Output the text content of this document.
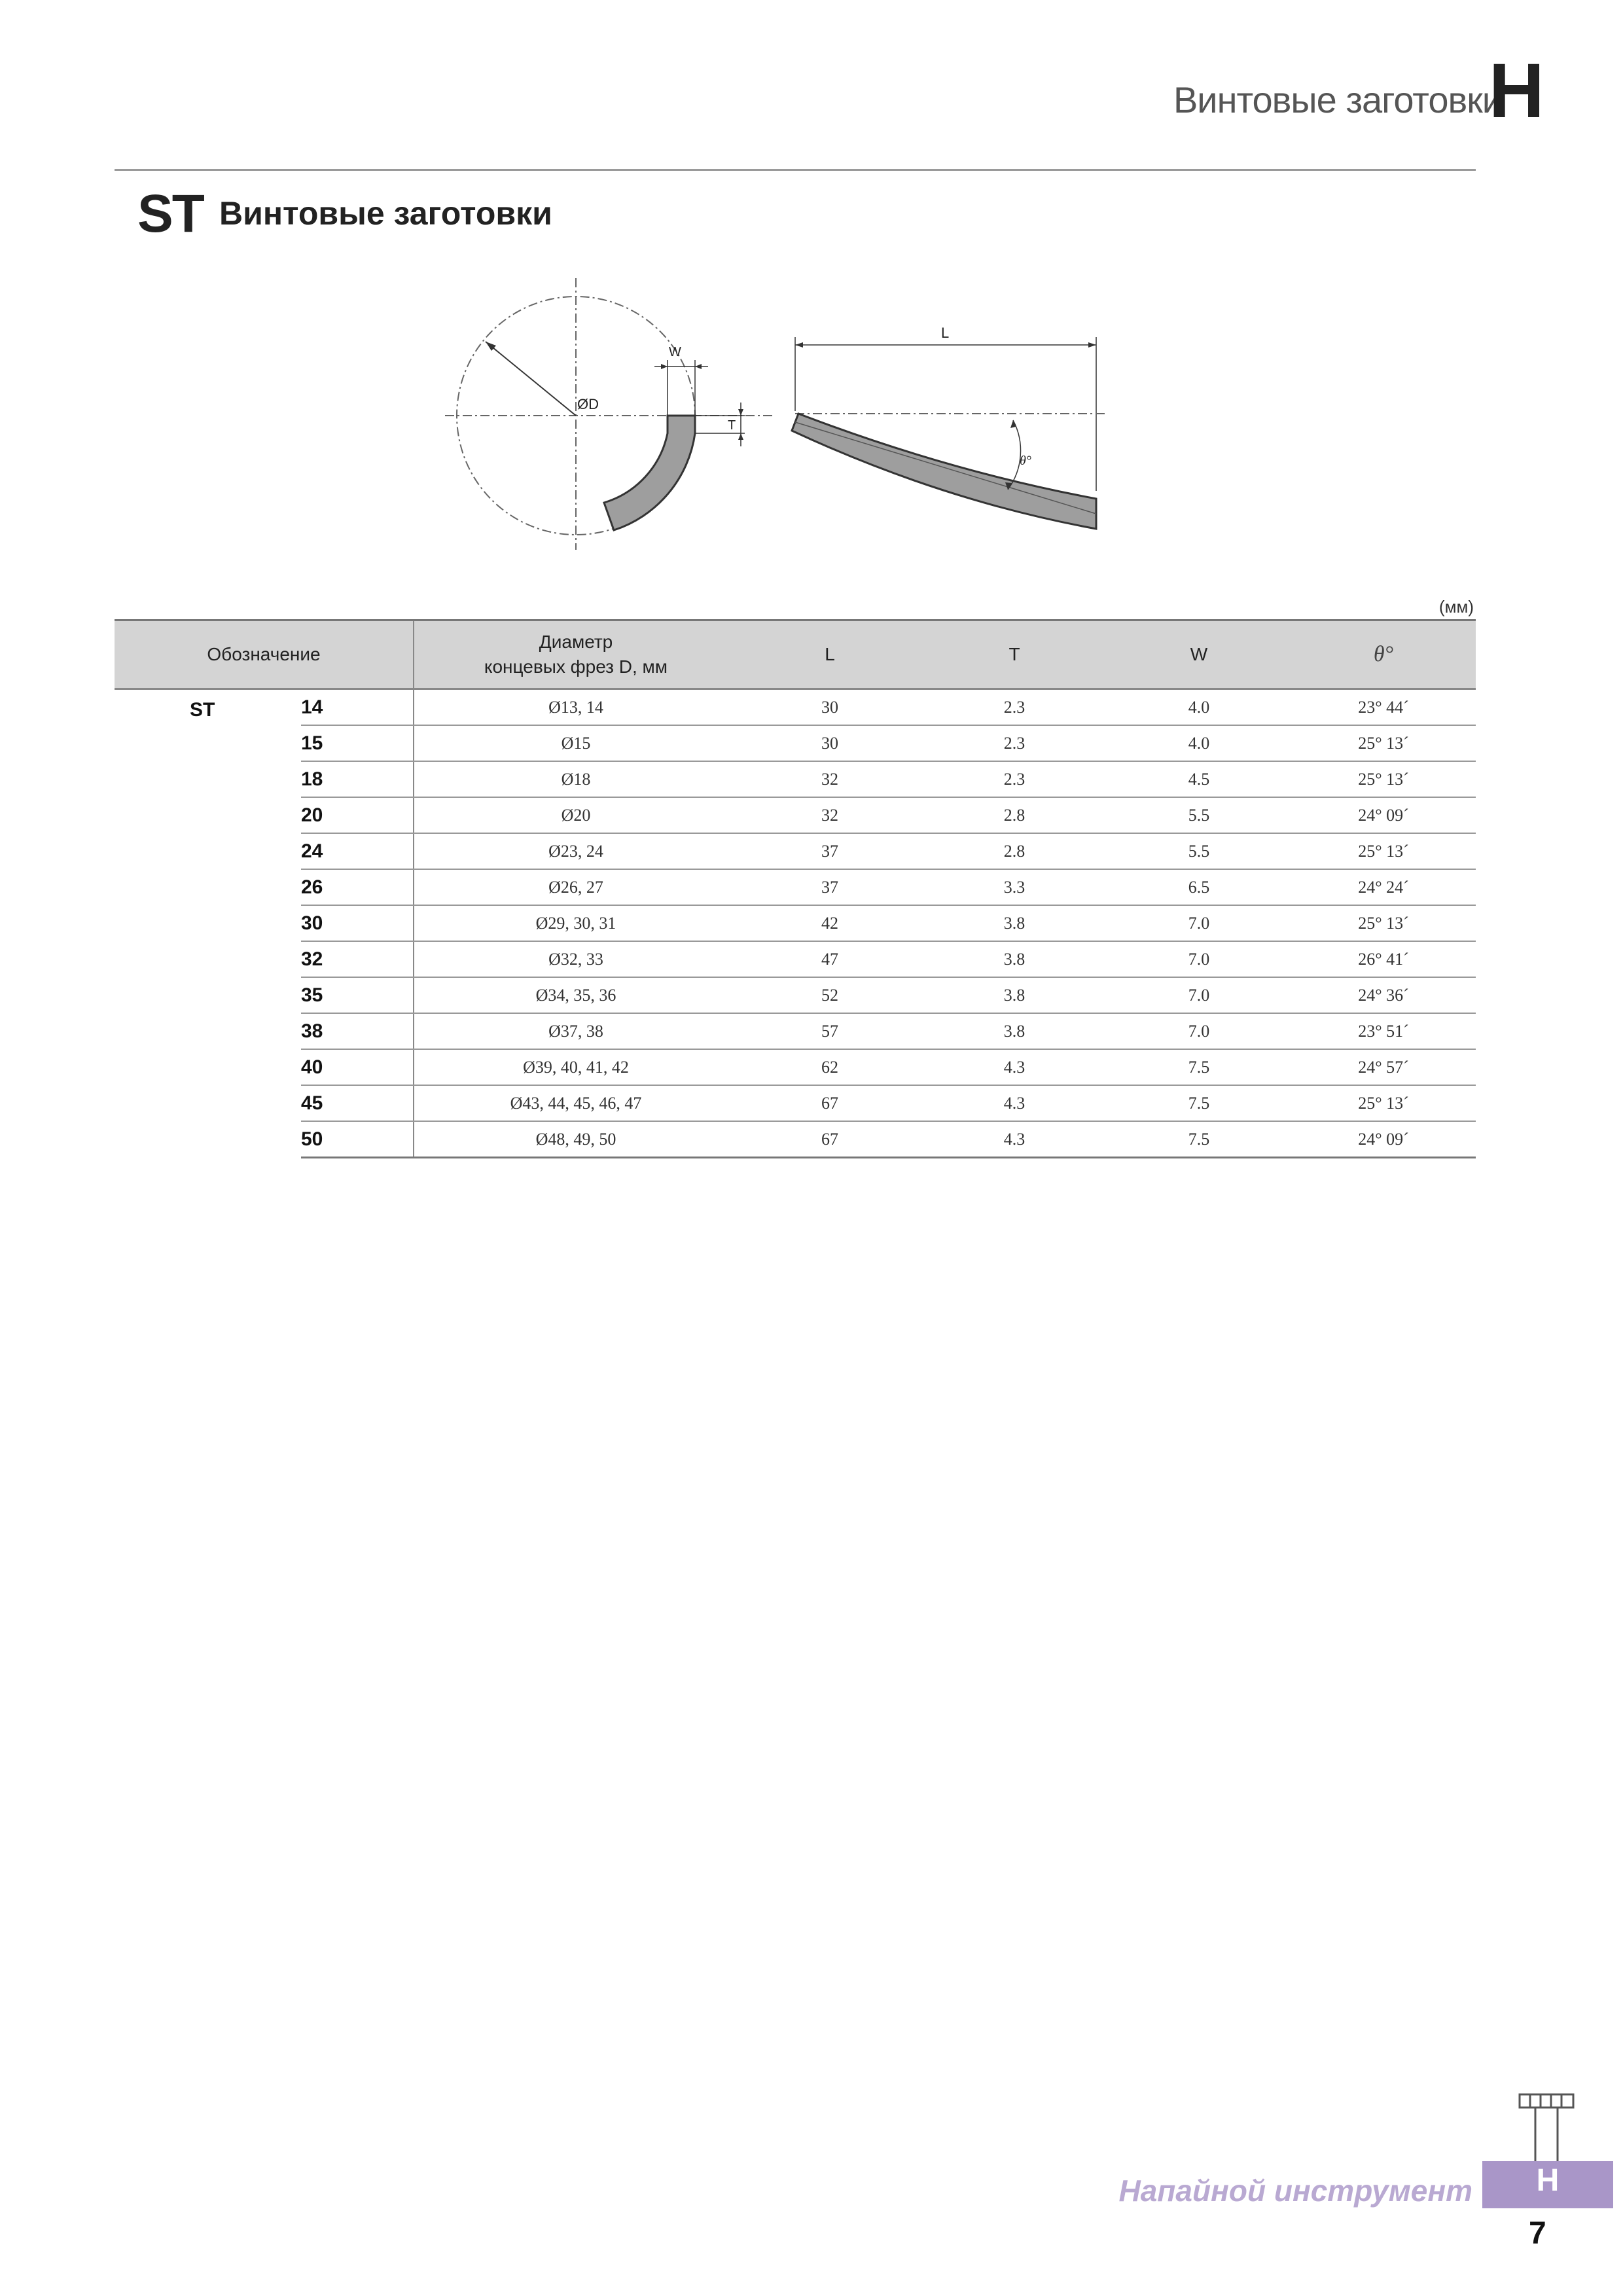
Винтовые заготовки
H
ST Винтовые заготовки
ØD
W
T
L
θ°
(мм)
Обозначение		Диаметр
концевых фрез D, мм	L	T	W	θ°
ST	14	Ø13, 14	30	2.3	4.0	23° 44´
	15	Ø15	30	2.3	4.0	25° 13´
	18	Ø18	32	2.3	4.5	25° 13´
	20	Ø20	32	2.8	5.5	24° 09´
	24	Ø23, 24	37	2.8	5.5	25° 13´
	26	Ø26, 27	37	3.3	6.5	24° 24´
	30	Ø29, 30, 31	42	3.8	7.0	25° 13´
	32	Ø32, 33	47	3.8	7.0	26° 41´
	35	Ø34, 35, 36	52	3.8	7.0	24° 36´
	38	Ø37, 38	57	3.8	7.0	23° 51´
	40	Ø39, 40, 41, 42	62	4.3	7.5	24° 57´
	45	Ø43, 44, 45, 46, 47	67	4.3	7.5	25° 13´
	50	Ø48, 49, 50	67	4.3	7.5	24° 09´
Напайной инструмент	H
7
